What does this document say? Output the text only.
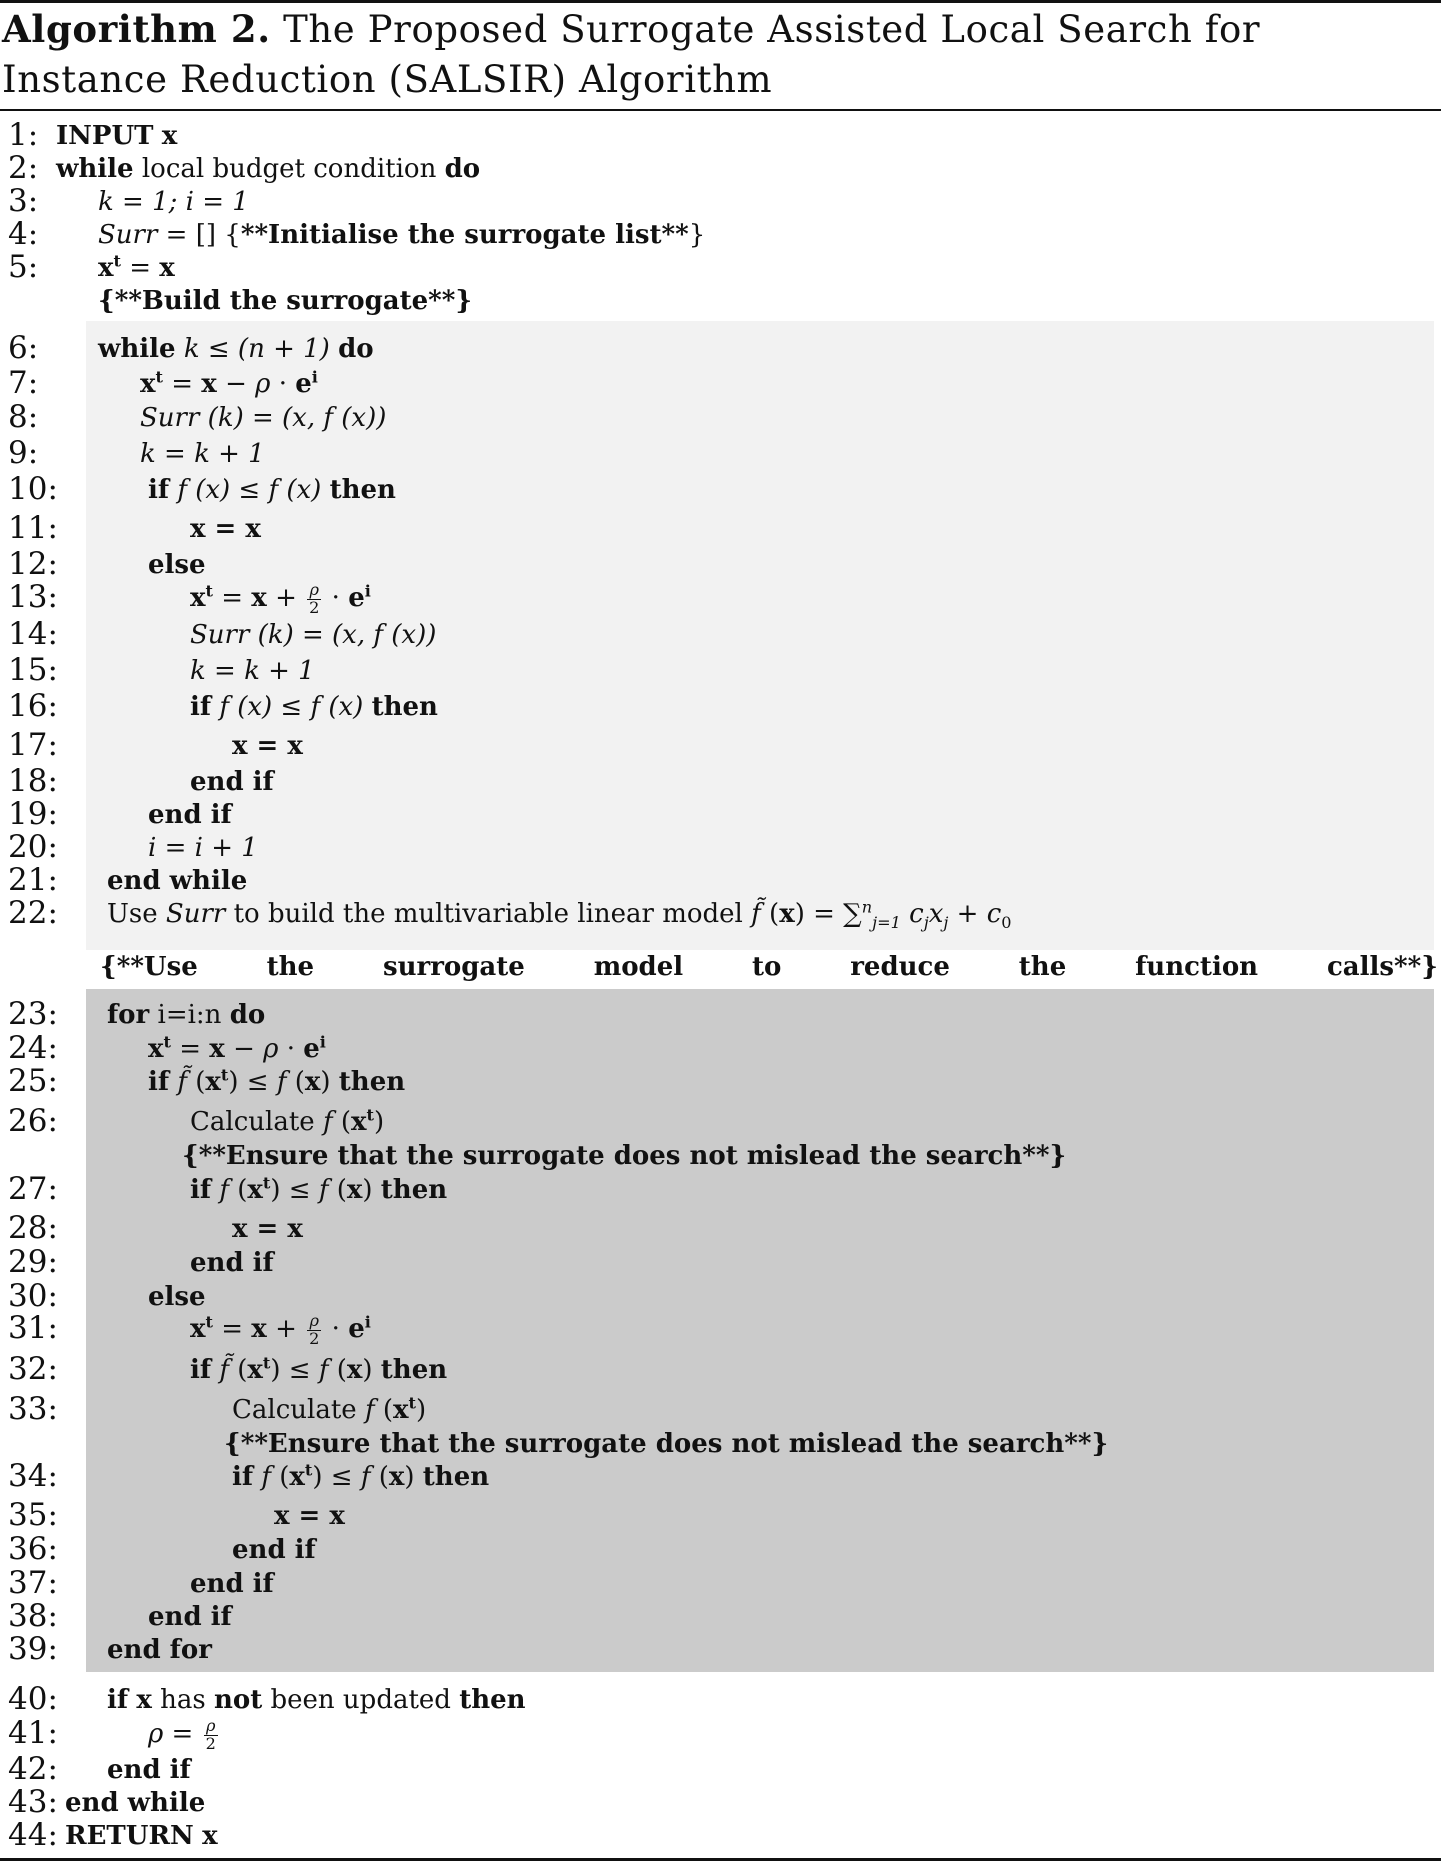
Algorithm 2. The Proposed Surrogate Assisted Local Search for Instance Reduction (SALSIR) Algorithm
1: INPUT x
2: while local budget condition do
3: k = 1; i = 1
4: Surr = [] {**Initialise the surrogate list**}
5: $x^t = x$
{**Build the surrogate**}
6: while k ≤ (n + 1) do
7:	$x^t = x - \rho \cdot e^i$
8:	Surr (k) = (x, f (x))
9:	k = k + 1
10:	if f (x) ≤ f (x) then
11:	x = x
12:	else
13:	$x^t = x + \frac{\rho}{2} \cdot e^i$
14:	Surr (k) = (x, f (x))
15:	k = k + 1
16:	if f (x) ≤ f (x) then
17:	x = x
18:	end if
19:	end if
20:	i = i + 1
21: end while
22: Use Surr to build the multivariable linear model f̃ (x) = ∑$^n_{j=1}$ $c_jx_j + c_0$
{**Use	the	surrogate	model	to	reduce	the	function	calls**}
23: for i=i:n do
24:	$x^t = x - \rho \cdot e^i$
25:	if f̃ $(x^t) \le f$ (x) then
26:	Calculate f $(x^t)$
{**Ensure that the surrogate does not mislead the search**}
27:	if f $(x^t) \le f$ (x) then
28:	x = x
29:	end if
30:	else
31:	$x^t = x + \frac{\rho}{2} \cdot e^i$
32:	if f̃ $(x^t) \le f$ (x) then
33:	Calculate f $(x^t)$
{**Ensure that the surrogate does not mislead the search**}
34:	if f $(x^t) \le f$ (x) then
35:	x = x
36:	end if
37:	end if
38:	end if
39: end for
40: if x has not been updated then
41:	$\rho = \frac{\rho}{2}$
42: end if
43: end while
44: RETURN x
